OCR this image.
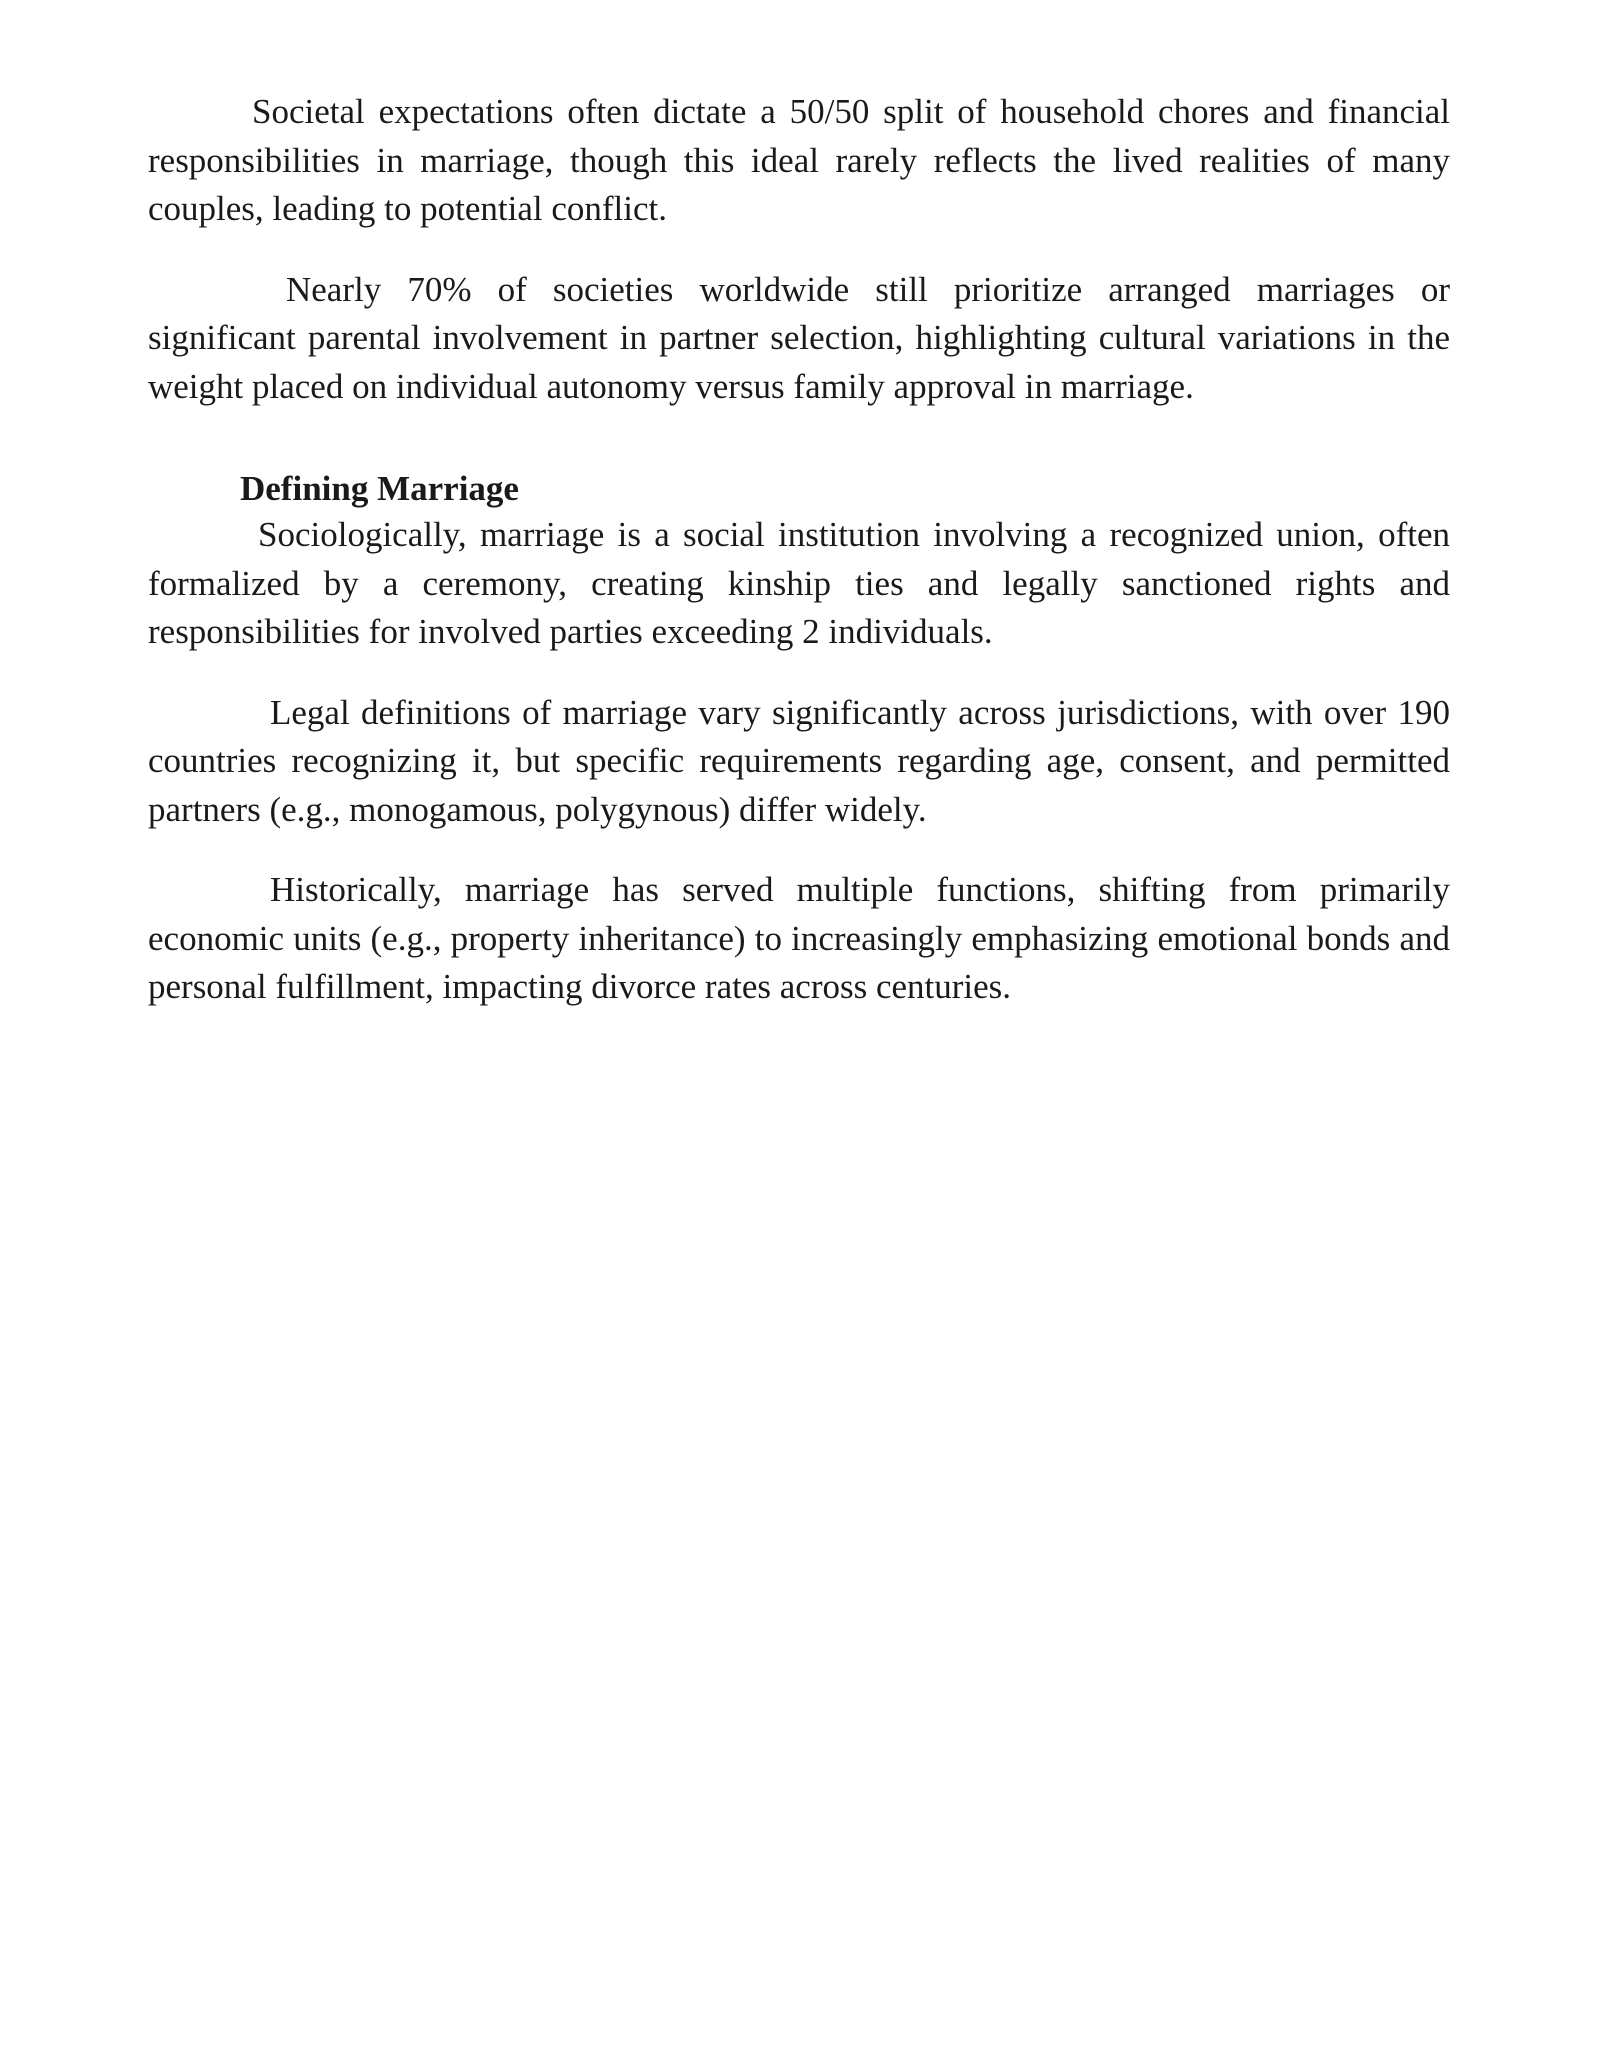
Societal expectations often dictate a 50/50 split of household chores and financial responsibilities in marriage, though this ideal rarely reflects the lived realities of many couples, leading to potential conflict.

Nearly 70% of societies worldwide still prioritize arranged marriages or significant parental involvement in partner selection, highlighting cultural variations in the weight placed on individual autonomy versus family approval in marriage.

Defining Marriage

Sociologically, marriage is a social institution involving a recognized union, often formalized by a ceremony, creating kinship ties and legally sanctioned rights and responsibilities for involved parties exceeding 2 individuals.

Legal definitions of marriage vary significantly across jurisdictions, with over 190 countries recognizing it, but specific requirements regarding age, consent, and permitted partners (e.g., monogamous, polygynous) differ widely.

Historically, marriage has served multiple functions, shifting from primarily economic units (e.g., property inheritance) to increasingly emphasizing emotional bonds and personal fulfillment, impacting divorce rates across centuries.
